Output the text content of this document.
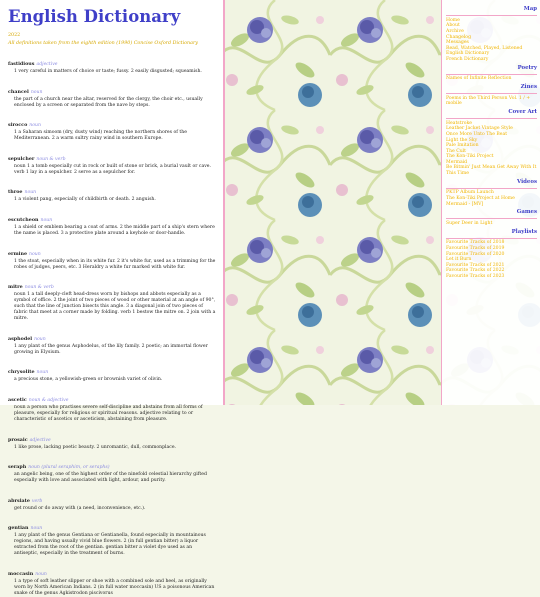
English Dictionary
2022
All definitions taken from the eighth edition (1990) Concise Oxford Dictionary
fastidious adjective
1 very careful in matters of choice or taste; fussy. 2 easily disgusted; squeamish.
chancel noun
the part of a church near the altar, reserved for the clergy, the choir etc., usually enclosed by a screen or separated from the nave by steps.
sirocco noun
1 a Saharan simoom (dry, dusty wind) reaching the northern shores of the Mediterranean. 2 a warm sultry rainy wind in southern Europe.
sepulcher noun & verb
noun 1 a tomb especially cut in rock or built of stone or brick, a burial vault or cave. verb 1 lay in a sepulcher. 2 serve as a sepulcher for.
throe noun
1 a violent pang, especially of childbirth or death. 2 anguish.
escutcheon noun
1 a shield or emblem bearing a coat of arms. 2 the middle part of a ship's stern where the name is placed. 3 a protective plate around a keyhole or door-handle.
ermine noun
1 the stoat, especially when in its white fur. 2 it's white fur, used as a trimming for the robes of judges, peers, etc. 3 Heraldry a white fur marked with white fur.
mitre noun & verb
noun 1 a tall deeply-cleft head-dress worn by bishops and abbots especially as a symbol of office. 2 the joint of two pieces of wood or other material at an angle of 90°, such that the line of junction bisects this angle. 3 a diagonal join of two pieces of fabric that meet at a corner made by folding. verb 1 bestow the mitre on. 2 join with a mitre.
asphodel noun
1 any plant of the genus Asphodelus, of the lily family. 2 poetic; an immortal flower growing in Elysium.
chrysolite noun
a precious stone, a yellowish-green or brownish variet of olivin.
ascetic noun & adjective
noun a person who practises severe self-discipline and abstains from all forms of pleasure, especially for religious or spiritual reasons. adjective relating to or characteristic of ascetics or asceticism, abstaining from pleasure.
prosaic adjective
1 like prose, lacking poetic beauty. 2 unromantic, dull, commonplace.
seraph noun (plural seraphim, or seraphs)
an angelic being, one of the highest order of the ninefold celestial hierarchy gifted especially with love and associated with light, ardour, and purity.
abrsiate verb
get round or do away with (a need, inconvenience, etc.).
gentian noun
1 any plant of the genus Gentiana or Gentianella, found especially in mountainous regions, and having usually vivid blue flowers. 2 (in full gentian bitter) a liquor extracted from the root of the gentian. gentian bitter a violet dye used as an antiseptic, especially in the treatment of burns.
moccasin noun
1 a type of soft leather slipper or shoe with a combined sole and heel, as originally worn by North American Indians. 2 (in full water moccasin) US a poisonous American snake of the genus Agkistrodon piscivorus
Map
Home
About
Archive
Changelog
Messages
Read, Watched, Played, Listened
English Dictionary
French Dictionary
Poetry
Names of Infinite Reflection
Zines
Poems in the Third Person Vol. 1 / + mobile
Cover Art
Heatstroke
Leather Jacket Vintage Style
Once More Unto The Beat
Light the Sky
Pale Imitation
The Cult
The Kon-Tiki Project
Mermaid
Be Bitmin' Just Mean Get Away With It
This Time
Videos
PKTP Album Launch
The Kon-Tiki Project at Home
Mermaid - [MV]
Games
Super Deer in Light
Playlists
Favourite Tracks of 2018
Favourite Tracks of 2019
Favourite Tracks of 2020
Let it Burn
Favourite Tracks of 2021
Favourite Tracks of 2022
Favourite Tracks of 2023
